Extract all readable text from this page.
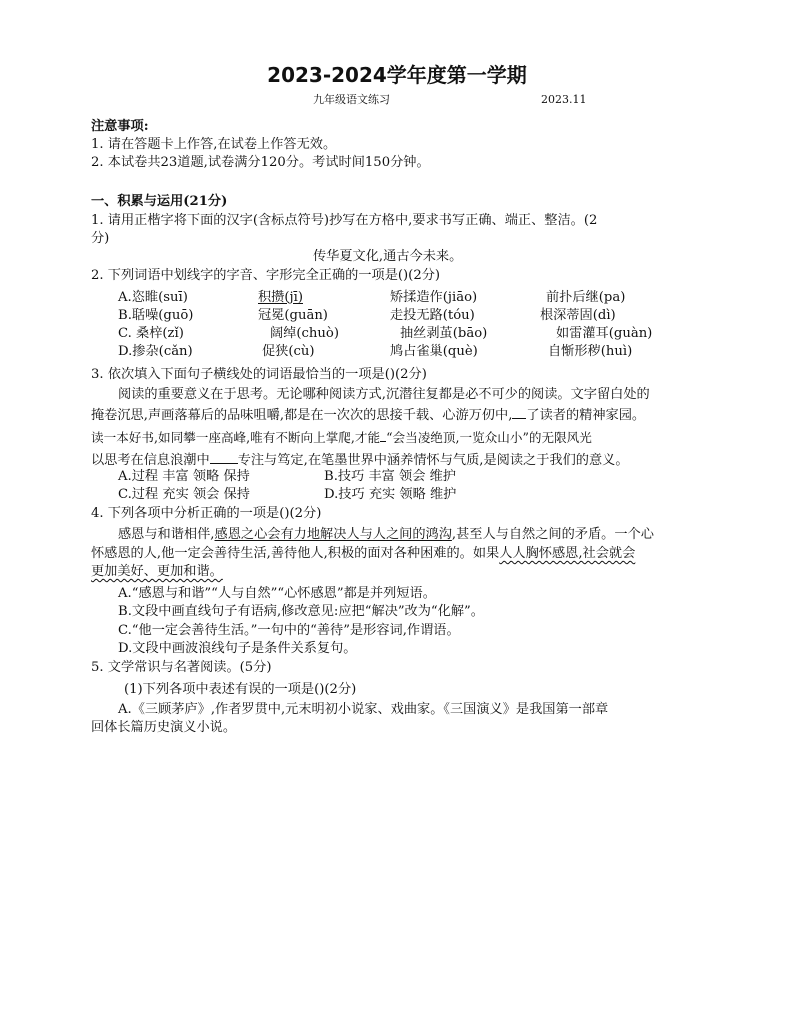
2023-2024学年度第一学期
九年级语文练习	2023.11
注意事项:
1. 请在答题卡上作答,在试卷上作答无效。
2. 本试卷共23道题,试卷满分120分。考试时间150分钟。
一、积累与运用(21分)
1. 请用正楷字将下面的汉字(含标点符号)抄写在方格中,要求书写正确、端正、整洁。(2
分)
传华夏文化,通古今未来。
2. 下列词语中划线字的字音、字形完全正确的一项是()(2分)
A.恣睢(suī)	积攒(jī)	矫揉造作(jiāo)	前扑后继(pa)
B.聒噪(guō)	冠冕(guān)	走投无路(tóu)	根深蒂固(dì)
C. 桑梓(zǐ)	阔绰(chuò)	抽丝剥茧(bāo)	如雷灌耳(guàn)
D.掺杂(cǎn)	促狭(cù)	鸠占雀巢(què)	自惭形秽(huì)
3. 依次填入下面句子横线处的词语最恰当的一项是()(2分)
阅读的重要意义在于思考。无论哪种阅读方式,沉潜往复都是必不可少的阅读。文字留白处的
掩卷沉思,声画落幕后的品味咀嚼,都是在一次次的思接千载、心游万仞中, 了读者的精神家园。
读一本好书,如同攀一座高峰,唯有不断向上掌爬,才能 “会当凌绝顶,一览众山小”的无限风光
以思考在信息浪潮中 专注与笃定,在笔墨世界中涵养情怀与气质,是阅读之于我们的意义。
A.过程 丰富 领略 保持	B.技巧 丰富 领会 维护
C.过程 充实 领会 保持	D.技巧 充实 领略 维护
4. 下列各项中分析正确的一项是()(2分)
感恩与和谐相伴,感恩之心会有力地解决人与人之间的鸿沟,甚至人与自然之间的矛盾。一个心
怀感恩的人,他一定会善待生活,善待他人,积极的面对各种困难的。如果人人胸怀感恩,社会就会
更加美好、更加和谐。
A.“感恩与和谐”“人与自然”“心怀感恩”都是并列短语。
B.文段中画直线句子有语病,修改意见:应把“解决”改为“化解”。
C.“他一定会善待生活。”一句中的“善待”是形容词,作谓语。
D.文段中画波浪线句子是条件关系复句。
5. 文学常识与名著阅读。(5分)
(1)下列各项中表述有误的一项是()(2分)
A.《三顾茅庐》,作者罗贯中,元末明初小说家、戏曲家。《三国演义》是我国第一部章
回体长篇历史演义小说。
